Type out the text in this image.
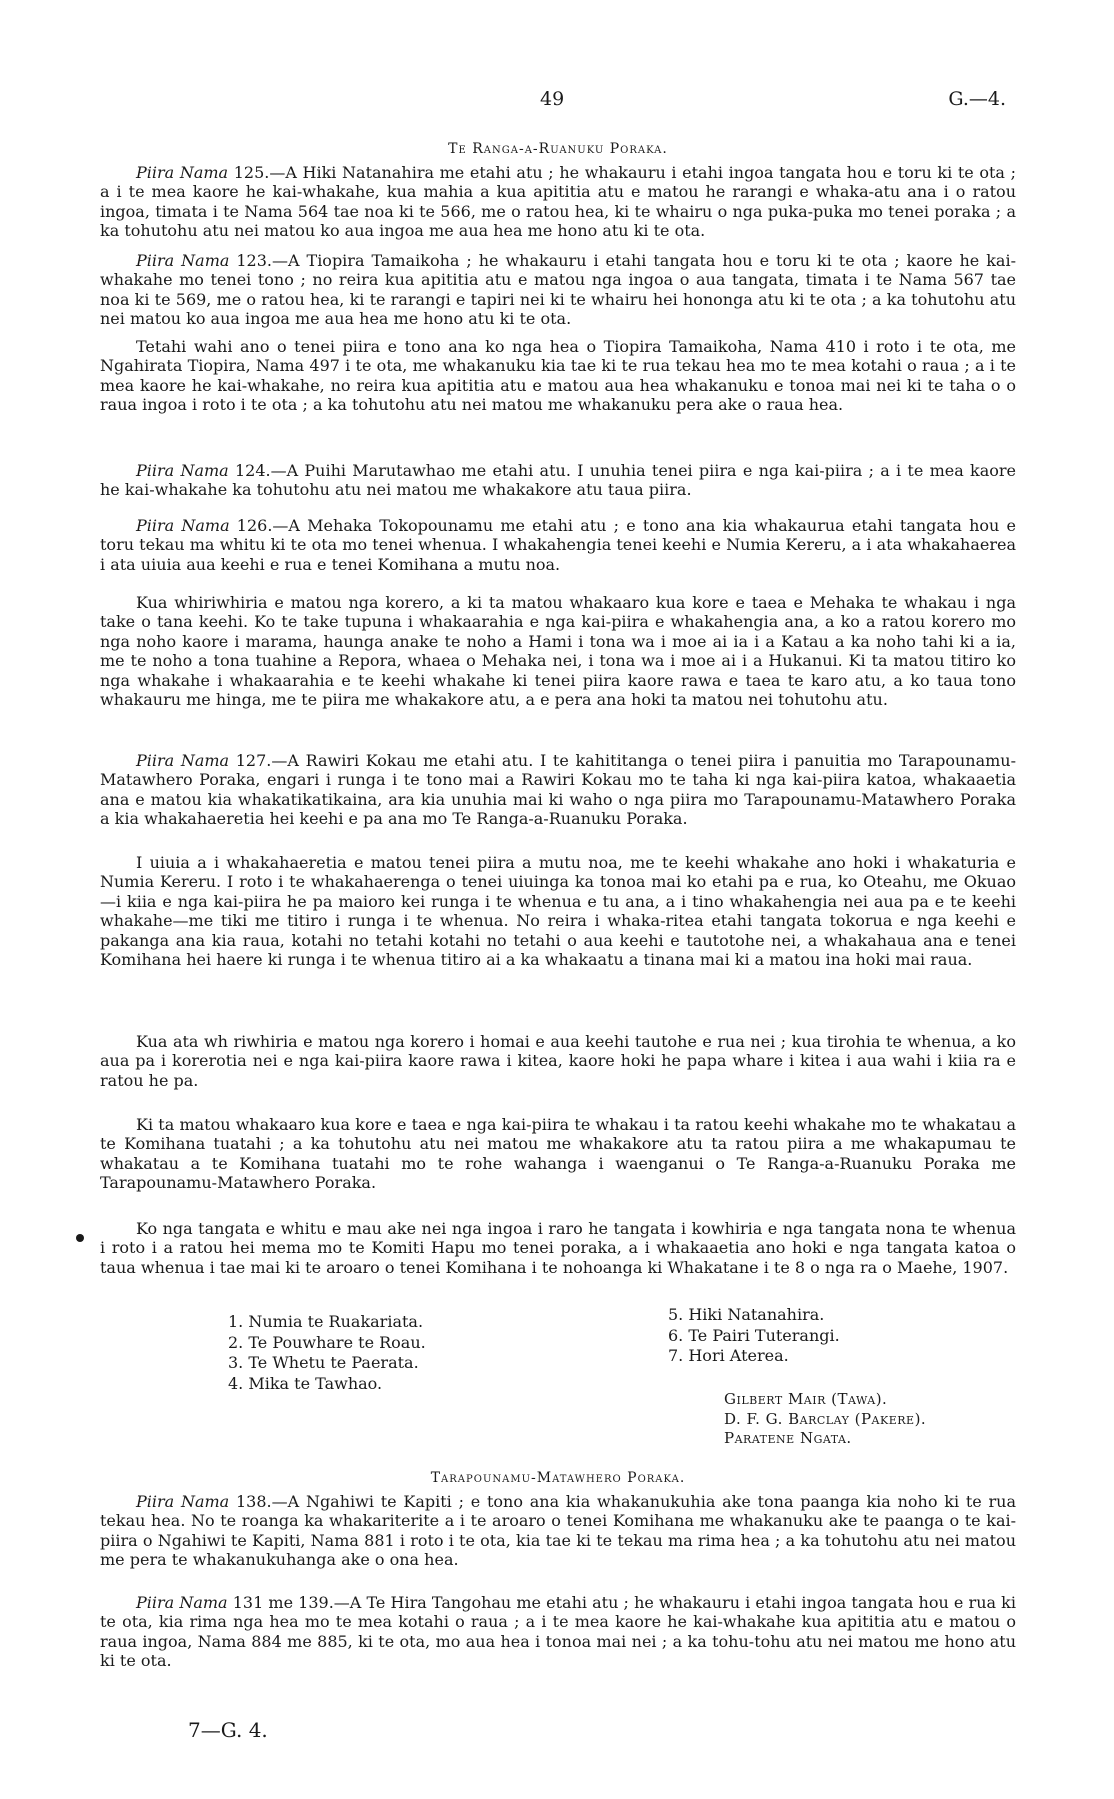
49	G.—4.
Te Ranga-a-Ruanuku Poraka.

Piira Nama 125.—A Hiki Natanahira me etahi atu ; he whakauru i etahi ingoa tangata hou e toru ki te ota ; a i te mea kaore he kai-whakahe, kua mahia a kua apititia atu e matou he rarangi e whaka-atu ana i o ratou ingoa, timata i te Nama 564 tae noa ki te 566, me o ratou hea, ki te whairu o nga puka-puka mo tenei poraka ; a ka tohutohu atu nei matou ko aua ingoa me aua hea me hono atu ki te ota.

Piira Nama 123.—A Tiopira Tamaikoha ; he whakauru i etahi tangata hou e toru ki te ota ; kaore he kai-whakahe mo tenei tono ; no reira kua apititia atu e matou nga ingoa o aua tangata, timata i te Nama 567 tae noa ki te 569, me o ratou hea, ki te rarangi e tapiri nei ki te whairu hei hononga atu ki te ota ; a ka tohutohu atu nei matou ko aua ingoa me aua hea me hono atu ki te ota.

Tetahi wahi ano o tenei piira e tono ana ko nga hea o Tiopira Tamaikoha, Nama 410 i roto i te ota, me Ngahirata Tiopira, Nama 497 i te ota, me whakanuku kia tae ki te rua tekau hea mo te mea kotahi o raua ; a i te mea kaore he kai-whakahe, no reira kua apititia atu e matou aua hea whakanuku e tonoa mai nei ki te taha o o raua ingoa i roto i te ota ; a ka tohutohu atu nei matou me whakanuku pera ake o raua hea.

Piira Nama 124.—A Puihi Marutawhao me etahi atu. I unuhia tenei piira e nga kai-piira ; a i te mea kaore he kai-whakahe ka tohutohu atu nei matou me whakakore atu taua piira.

Piira Nama 126.—A Mehaka Tokopounamu me etahi atu ; e tono ana kia whakaurua etahi tangata hou e toru tekau ma whitu ki te ota mo tenei whenua. I whakahengia tenei keehi e Numia Kereru, a i ata whakahaerea i ata uiuia aua keehi e rua e tenei Komihana a mutu noa.

Kua whiriwhiria e matou nga korero, a ki ta matou whakaaro kua kore e taea e Mehaka te whakau i nga take o tana keehi. Ko te take tupuna i whakaarahia e nga kai-piira e whakahengia ana, a ko a ratou korero mo nga noho kaore i marama, haunga anake te noho a Hami i tona wa i moe ai ia i a Katau a ka noho tahi ki a ia, me te noho a tona tuahine a Repora, whaea o Mehaka nei, i tona wa i moe ai i a Hukanui. Ki ta matou titiro ko nga whakahe i whakaarahia e te keehi whakahe ki tenei piira kaore rawa e taea te karo atu, a ko taua tono whakauru me hinga, me te piira me whakakore atu, a e pera ana hoki ta matou nei tohutohu atu.

Piira Nama 127.—A Rawiri Kokau me etahi atu. I te kahititanga o tenei piira i panuitia mo Tarapounamu-Matawhero Poraka, engari i runga i te tono mai a Rawiri Kokau mo te taha ki nga kai-piira katoa, whakaaetia ana e matou kia whakatikatikaina, ara kia unuhia mai ki waho o nga piira mo Tarapounamu-Matawhero Poraka a kia whakahaeretia hei keehi e pa ana mo Te Ranga-a-Ruanuku Poraka.

I uiuia a i whakahaeretia e matou tenei piira a mutu noa, me te keehi whakahe ano hoki i whakaturia e Numia Kereru. I roto i te whakahaerenga o tenei uiuinga ka tonoa mai ko etahi pa e rua, ko Oteahu, me Okuao—i kiia e nga kai-piira he pa maioro kei runga i te whenua e tu ana, a i tino whakahengia nei aua pa e te keehi whakahe—me tiki me titiro i runga i te whenua. No reira i whaka-ritea etahi tangata tokorua e nga keehi e pakanga ana kia raua, kotahi no tetahi kotahi no tetahi o aua keehi e tautotohe nei, a whakahaua ana e tenei Komihana hei haere ki runga i te whenua titiro ai a ka whakaatu a tinana mai ki a matou ina hoki mai raua.

Kua ata wh riwhiria e matou nga korero i homai e aua keehi tautohe e rua nei ; kua tirohia te whenua, a ko aua pa i korerotia nei e nga kai-piira kaore rawa i kitea, kaore hoki he papa whare i kitea i aua wahi i kiia ra e ratou he pa.

Ki ta matou whakaaro kua kore e taea e nga kai-piira te whakau i ta ratou keehi whakahe mo te whakatau a te Komihana tuatahi ; a ka tohutohu atu nei matou me whakakore atu ta ratou piira a me whakapumau te whakatau a te Komihana tuatahi mo te rohe wahanga i waenganui o Te Ranga-a-Ruanuku Poraka me Tarapounamu-Matawhero Poraka.

Ko nga tangata e whitu e mau ake nei nga ingoa i raro he tangata i kowhiria e nga tangata nona te whenua i roto i a ratou hei mema mo te Komiti Hapu mo tenei poraka, a i whakaaetia ano hoki e nga tangata katoa o taua whenua i tae mai ki te aroaro o tenei Komihana i te nohoanga ki Whakatane i te 8 o nga ra o Maehe, 1907.

1. Numia te Ruakariata.
2. Te Pouwhare te Roau.
3. Te Whetu te Paerata.
4. Mika te Tawhao.
5. Hiki Natanahira.
6. Te Pairi Tuterangi.
7. Hori Aterea.
Gilbert Mair (Tawa).
D. F. G. Barclay (Pakere).
Paratene Ngata.
Tarapounamu-Matawhero Poraka.

Piira Nama 138.—A Ngahiwi te Kapiti ; e tono ana kia whakanukuhia ake tona paanga kia noho ki te rua tekau hea. No te roanga ka whakariterite a i te aroaro o tenei Komihana me whakanuku ake te paanga o te kai-piira o Ngahiwi te Kapiti, Nama 881 i roto i te ota, kia tae ki te tekau ma rima hea ; a ka tohutohu atu nei matou me pera te whakanukuhanga ake o ona hea.

Piira Nama 131 me 139.—A Te Hira Tangohau me etahi atu ; he whakauru i etahi ingoa tangata hou e rua ki te ota, kia rima nga hea mo te mea kotahi o raua ; a i te mea kaore he kai-whakahe kua apititia atu e matou o raua ingoa, Nama 884 me 885, ki te ota, mo aua hea i tonoa mai nei ; a ka tohu-tohu atu nei matou me hono atu ki te ota.

7—G. 4.
